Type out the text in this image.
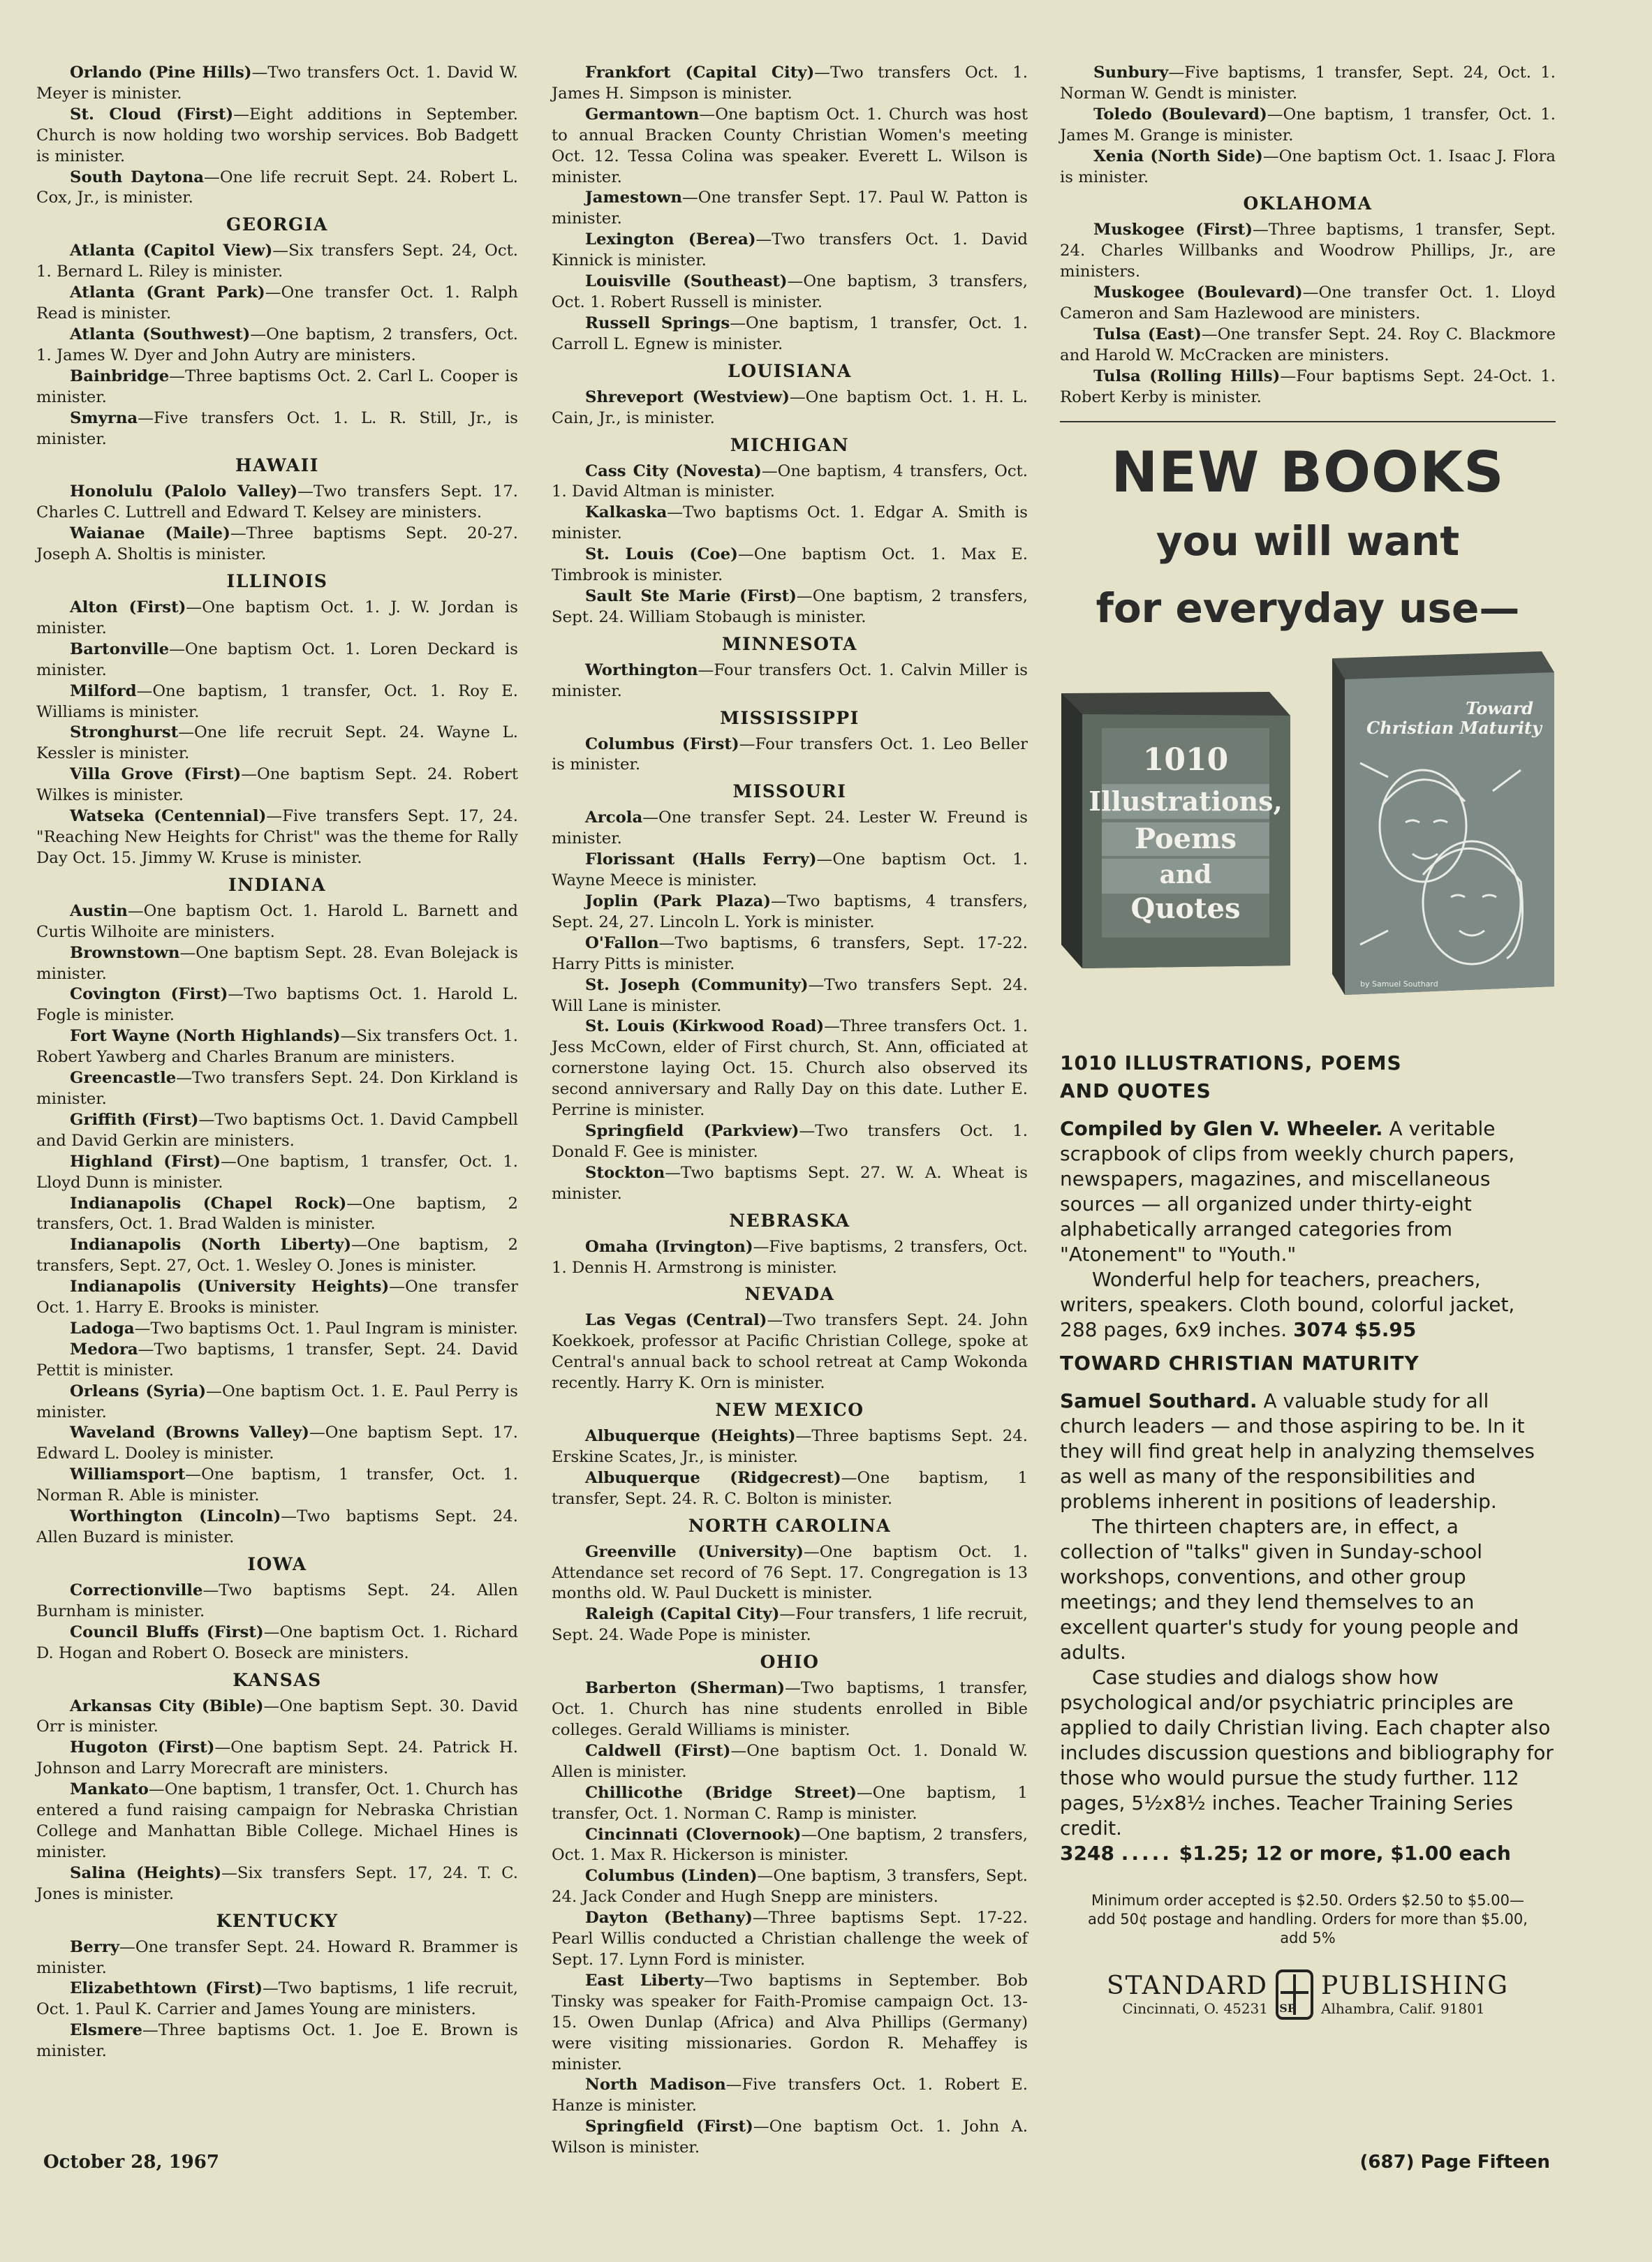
Orlando (Pine Hills)—Two transfers Oct. 1. David W. Meyer is minister.

St. Cloud (First)—Eight additions in September. Church is now holding two worship services. Bob Badgett is minister.

South Daytona—One life recruit Sept. 24. Robert L. Cox, Jr., is minister.

GEORGIA

Atlanta (Capitol View)—Six transfers Sept. 24, Oct. 1. Bernard L. Riley is minister.

Atlanta (Grant Park)—One transfer Oct. 1. Ralph Read is minister.

Atlanta (Southwest)—One baptism, 2 transfers, Oct. 1. James W. Dyer and John Autry are ministers.

Bainbridge—Three baptisms Oct. 2. Carl L. Cooper is minister.

Smyrna—Five transfers Oct. 1. L. R. Still, Jr., is minister.

HAWAII

Honolulu (Palolo Valley)—Two transfers Sept. 17. Charles C. Luttrell and Edward T. Kelsey are ministers.

Waianae (Maile)—Three baptisms Sept. 20-27. Joseph A. Sholtis is minister.

ILLINOIS

Alton (First)—One baptism Oct. 1. J. W. Jordan is minister.

Bartonville—One baptism Oct. 1. Loren Deckard is minister.

Milford—One baptism, 1 transfer, Oct. 1. Roy E. Williams is minister.

Stronghurst—One life recruit Sept. 24. Wayne L. Kessler is minister.

Villa Grove (First)—One baptism Sept. 24. Robert Wilkes is minister.

Watseka (Centennial)—Five transfers Sept. 17, 24. "Reaching New Heights for Christ" was the theme for Rally Day Oct. 15. Jimmy W. Kruse is minister.

INDIANA

Austin—One baptism Oct. 1. Harold L. Barnett and Curtis Wilhoite are ministers.

Brownstown—One baptism Sept. 28. Evan Bolejack is minister.

Covington (First)—Two baptisms Oct. 1. Harold L. Fogle is minister.

Fort Wayne (North Highlands)—Six transfers Oct. 1. Robert Yawberg and Charles Branum are ministers.

Greencastle—Two transfers Sept. 24. Don Kirkland is minister.

Griffith (First)—Two baptisms Oct. 1. David Campbell and David Gerkin are ministers.

Highland (First)—One baptism, 1 transfer, Oct. 1. Lloyd Dunn is minister.

Indianapolis (Chapel Rock)—One baptism, 2 transfers, Oct. 1. Brad Walden is minister.

Indianapolis (North Liberty)—One baptism, 2 transfers, Sept. 27, Oct. 1. Wesley O. Jones is minister.

Indianapolis (University Heights)—One transfer Oct. 1. Harry E. Brooks is minister.

Ladoga—Two baptisms Oct. 1. Paul Ingram is minister.

Medora—Two baptisms, 1 transfer, Sept. 24. David Pettit is minister.

Orleans (Syria)—One baptism Oct. 1. E. Paul Perry is minister.

Waveland (Browns Valley)—One baptism Sept. 17. Edward L. Dooley is minister.

Williamsport—One baptism, 1 transfer, Oct. 1. Norman R. Able is minister.

Worthington (Lincoln)—Two baptisms Sept. 24. Allen Buzard is minister.

IOWA

Correctionville—Two baptisms Sept. 24. Allen Burnham is minister.

Council Bluffs (First)—One baptism Oct. 1. Richard D. Hogan and Robert O. Boseck are ministers.

KANSAS

Arkansas City (Bible)—One baptism Sept. 30. David Orr is minister.

Hugoton (First)—One baptism Sept. 24. Patrick H. Johnson and Larry Morecraft are ministers.

Mankato—One baptism, 1 transfer, Oct. 1. Church has entered a fund raising campaign for Nebraska Christian College and Manhattan Bible College. Michael Hines is minister.

Salina (Heights)—Six transfers Sept. 17, 24. T. C. Jones is minister.

KENTUCKY

Berry—One transfer Sept. 24. Howard R. Brammer is minister.

Elizabethtown (First)—Two baptisms, 1 life recruit, Oct. 1. Paul K. Carrier and James Young are ministers.

Elsmere—Three baptisms Oct. 1. Joe E. Brown is minister.

Frankfort (Capital City)—Two transfers Oct. 1. James H. Simpson is minister.

Germantown—One baptism Oct. 1. Church was host to annual Bracken County Christian Women's meeting Oct. 12. Tessa Colina was speaker. Everett L. Wilson is minister.

Jamestown—One transfer Sept. 17. Paul W. Patton is minister.

Lexington (Berea)—Two transfers Oct. 1. David Kinnick is minister.

Louisville (Southeast)—One baptism, 3 transfers, Oct. 1. Robert Russell is minister.

Russell Springs—One baptism, 1 transfer, Oct. 1. Carroll L. Egnew is minister.

LOUISIANA

Shreveport (Westview)—One baptism Oct. 1. H. L. Cain, Jr., is minister.

MICHIGAN

Cass City (Novesta)—One baptism, 4 transfers, Oct. 1. David Altman is minister.

Kalkaska—Two baptisms Oct. 1. Edgar A. Smith is minister.

St. Louis (Coe)—One baptism Oct. 1. Max E. Timbrook is minister.

Sault Ste Marie (First)—One baptism, 2 transfers, Sept. 24. William Stobaugh is minister.

MINNESOTA

Worthington—Four transfers Oct. 1. Calvin Miller is minister.

MISSISSIPPI

Columbus (First)—Four transfers Oct. 1. Leo Beller is minister.

MISSOURI

Arcola—One transfer Sept. 24. Lester W. Freund is minister.

Florissant (Halls Ferry)—One baptism Oct. 1. Wayne Meece is minister.

Joplin (Park Plaza)—Two baptisms, 4 transfers, Sept. 24, 27. Lincoln L. York is minister.

O'Fallon—Two baptisms, 6 transfers, Sept. 17-22. Harry Pitts is minister.

St. Joseph (Community)—Two transfers Sept. 24. Will Lane is minister.

St. Louis (Kirkwood Road)—Three transfers Oct. 1. Jess McCown, elder of First church, St. Ann, officiated at cornerstone laying Oct. 15. Church also observed its second anniversary and Rally Day on this date. Luther E. Perrine is minister.

Springfield (Parkview)—Two transfers Oct. 1. Donald F. Gee is minister.

Stockton—Two baptisms Sept. 27. W. A. Wheat is minister.

NEBRASKA

Omaha (Irvington)—Five baptisms, 2 transfers, Oct. 1. Dennis H. Armstrong is minister.

NEVADA

Las Vegas (Central)—Two transfers Sept. 24. John Koekkoek, professor at Pacific Christian College, spoke at Central's annual back to school retreat at Camp Wokonda recently. Harry K. Orn is minister.

NEW MEXICO

Albuquerque (Heights)—Three baptisms Sept. 24. Erskine Scates, Jr., is minister.

Albuquerque (Ridgecrest)—One baptism, 1 transfer, Sept. 24. R. C. Bolton is minister.

NORTH CAROLINA

Greenville (University)—One baptism Oct. 1. Attendance set record of 76 Sept. 17. Congregation is 13 months old. W. Paul Duckett is minister.

Raleigh (Capital City)—Four transfers, 1 life recruit, Sept. 24. Wade Pope is minister.

OHIO

Barberton (Sherman)—Two baptisms, 1 transfer, Oct. 1. Church has nine students enrolled in Bible colleges. Gerald Williams is minister.

Caldwell (First)—One baptism Oct. 1. Donald W. Allen is minister.

Chillicothe (Bridge Street)—One baptism, 1 transfer, Oct. 1. Norman C. Ramp is minister.

Cincinnati (Clovernook)—One baptism, 2 transfers, Oct. 1. Max R. Hickerson is minister.

Columbus (Linden)—One baptism, 3 transfers, Sept. 24. Jack Conder and Hugh Snepp are ministers.

Dayton (Bethany)—Three baptisms Sept. 17-22. Pearl Willis conducted a Christian challenge the week of Sept. 17. Lynn Ford is minister.

East Liberty—Two baptisms in September. Bob Tinsky was speaker for Faith-Promise campaign Oct. 13-15. Owen Dunlap (Africa) and Alva Phillips (Germany) were visiting missionaries. Gordon R. Mehaffey is minister.

North Madison—Five transfers Oct. 1. Robert E. Hanze is minister.

Springfield (First)—One baptism Oct. 1. John A. Wilson is minister.

Sunbury—Five baptisms, 1 transfer, Sept. 24, Oct. 1. Norman W. Gendt is minister.

Toledo (Boulevard)—One baptism, 1 transfer, Oct. 1. James M. Grange is minister.

Xenia (North Side)—One baptism Oct. 1. Isaac J. Flora is minister.

OKLAHOMA

Muskogee (First)—Three baptisms, 1 transfer, Sept. 24. Charles Willbanks and Woodrow Phillips, Jr., are ministers.

Muskogee (Boulevard)—One transfer Oct. 1. Lloyd Cameron and Sam Hazlewood are ministers.

Tulsa (East)—One transfer Sept. 24. Roy C. Blackmore and Harold W. McCracken are ministers.

Tulsa (Rolling Hills)—Four baptisms Sept. 24-Oct. 1. Robert Kerby is minister.

NEW BOOKS

you will want

for everyday use—

1010
Illustrations,
Poems
and
Quotes
Toward
Christian Maturity
by Samuel Southard

1010 ILLUSTRATIONS, POEMS
AND QUOTES

Compiled by Glen V. Wheeler. A veritable scrapbook of clips from weekly church papers, newspapers, magazines, and miscellaneous sources — all organized under thirty-eight alphabetically arranged categories from "Atonement" to "Youth."

Wonderful help for teachers, preachers, writers, speakers. Cloth bound, colorful jacket, 288 pages, 6x9 inches. 3074 $5.95

TOWARD CHRISTIAN MATURITY

Samuel Southard. A valuable study for all church leaders — and those aspiring to be. In it they will find great help in analyzing themselves as well as many of the responsibilities and problems inherent in positions of leadership.

The thirteen chapters are, in effect, a collection of "talks" given in Sunday-school workshops, conventions, and other group meetings; and they lend themselves to an excellent quarter's study for young people and adults.

Case studies and dialogs show how psychological and/or psychiatric principles are applied to daily Christian living. Each chapter also includes discussion questions and bibliography for those who would pursue the study further. 112 pages, 5½x8½ inches. Teacher Training Series credit.

3248 ..... $1.25; 12 or more, $1.00 each

Minimum order accepted is $2.50. Orders $2.50 to $5.00—add 50¢ postage and handling. Orders for more than $5.00, add 5%

STANDARD
Cincinnati, O. 45231 SP
PUBLISHING
Alhambra, Calif. 91801
October 28, 1967	(687) Page Fifteen
